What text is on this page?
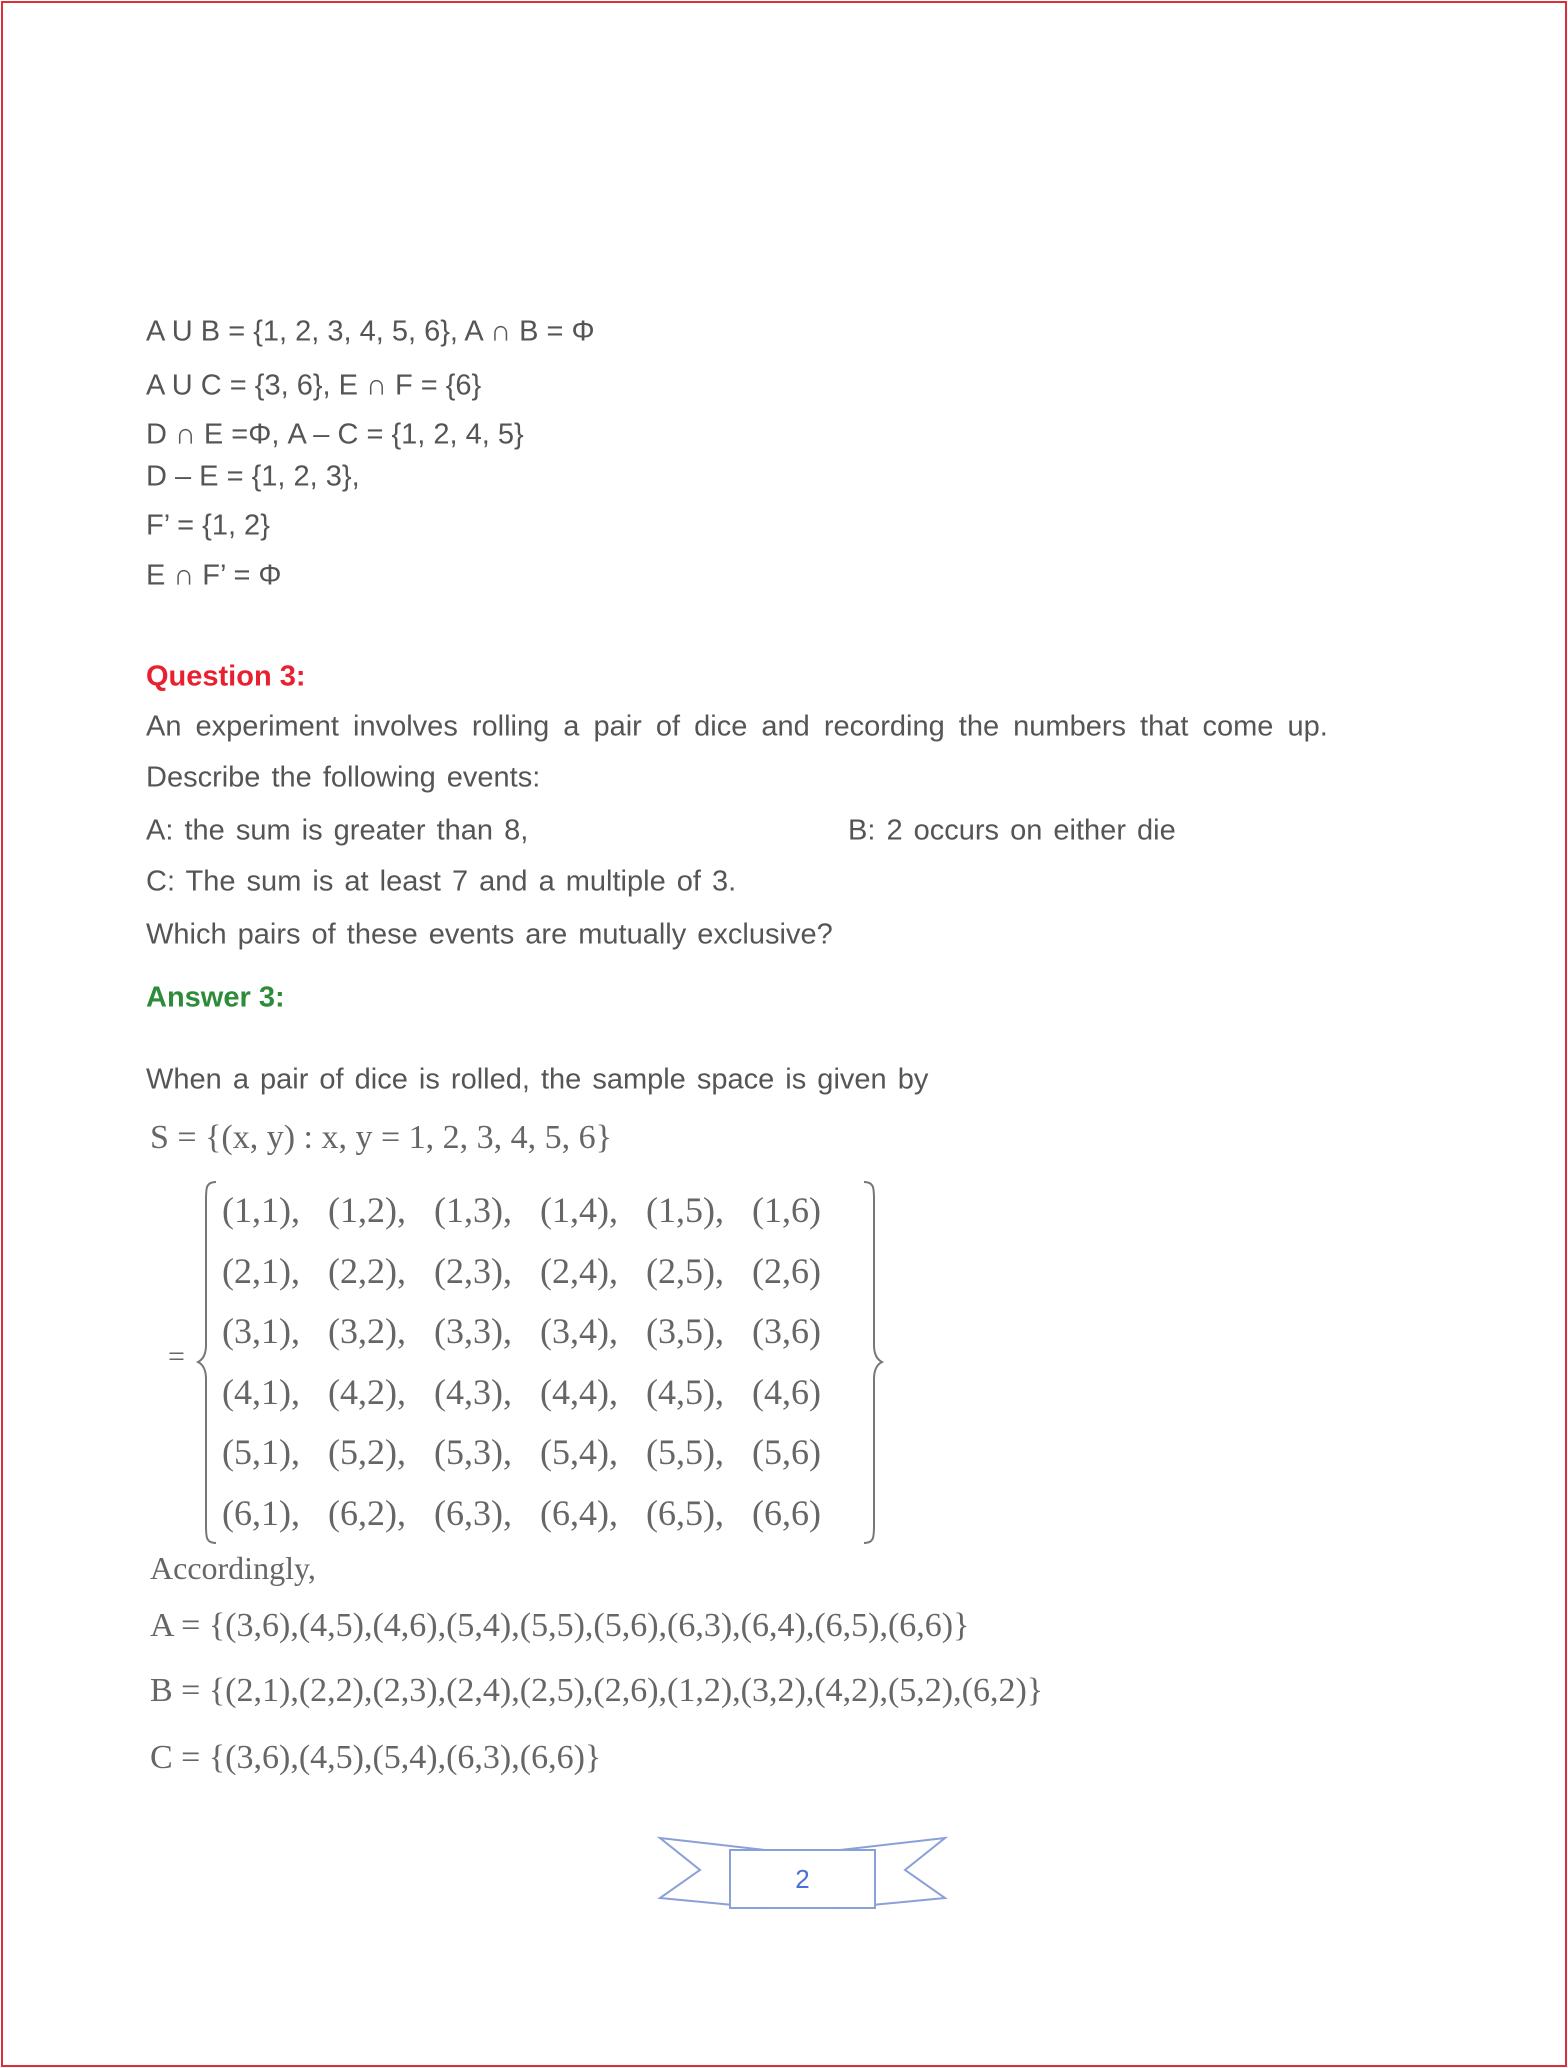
A U B = {1, 2, 3, 4, 5, 6}, A ∩ B = Φ
A U C = {3, 6}, E ∩ F = {6}
D ∩ E =Φ, A – C = {1, 2, 4, 5}
D – E = {1, 2, 3},
F’ = {1, 2}
E ∩ F’ = Φ
Question 3:
An experiment involves rolling a pair of dice and recording the numbers that come up.
Describe the following events:
A: the sum is greater than 8,	B: 2 occurs on either die
C: The sum is at least 7 and a multiple of 3.
Which pairs of these events are mutually exclusive?
Answer 3:
When a pair of dice is rolled, the sample space is given by
S = {(x, y) : x, y = 1, 2, 3, 4, 5, 6}
=
(1,1), (1,2), (1,3), (1,4), (1,5), (1,6)
(2,1), (2,2), (2,3), (2,4), (2,5), (2,6)
(3,1), (3,2), (3,3), (3,4), (3,5), (3,6)
(4,1), (4,2), (4,3), (4,4), (4,5), (4,6)
(5,1), (5,2), (5,3), (5,4), (5,5), (5,6)
(6,1), (6,2), (6,3), (6,4), (6,5), (6,6)
Accordingly,
A = {(3,6),(4,5),(4,6),(5,4),(5,5),(5,6),(6,3),(6,4),(6,5),(6,6)}
B = {(2,1),(2,2),(2,3),(2,4),(2,5),(2,6),(1,2),(3,2),(4,2),(5,2),(6,2)}
C = {(3,6),(4,5),(5,4),(6,3),(6,6)}
2
